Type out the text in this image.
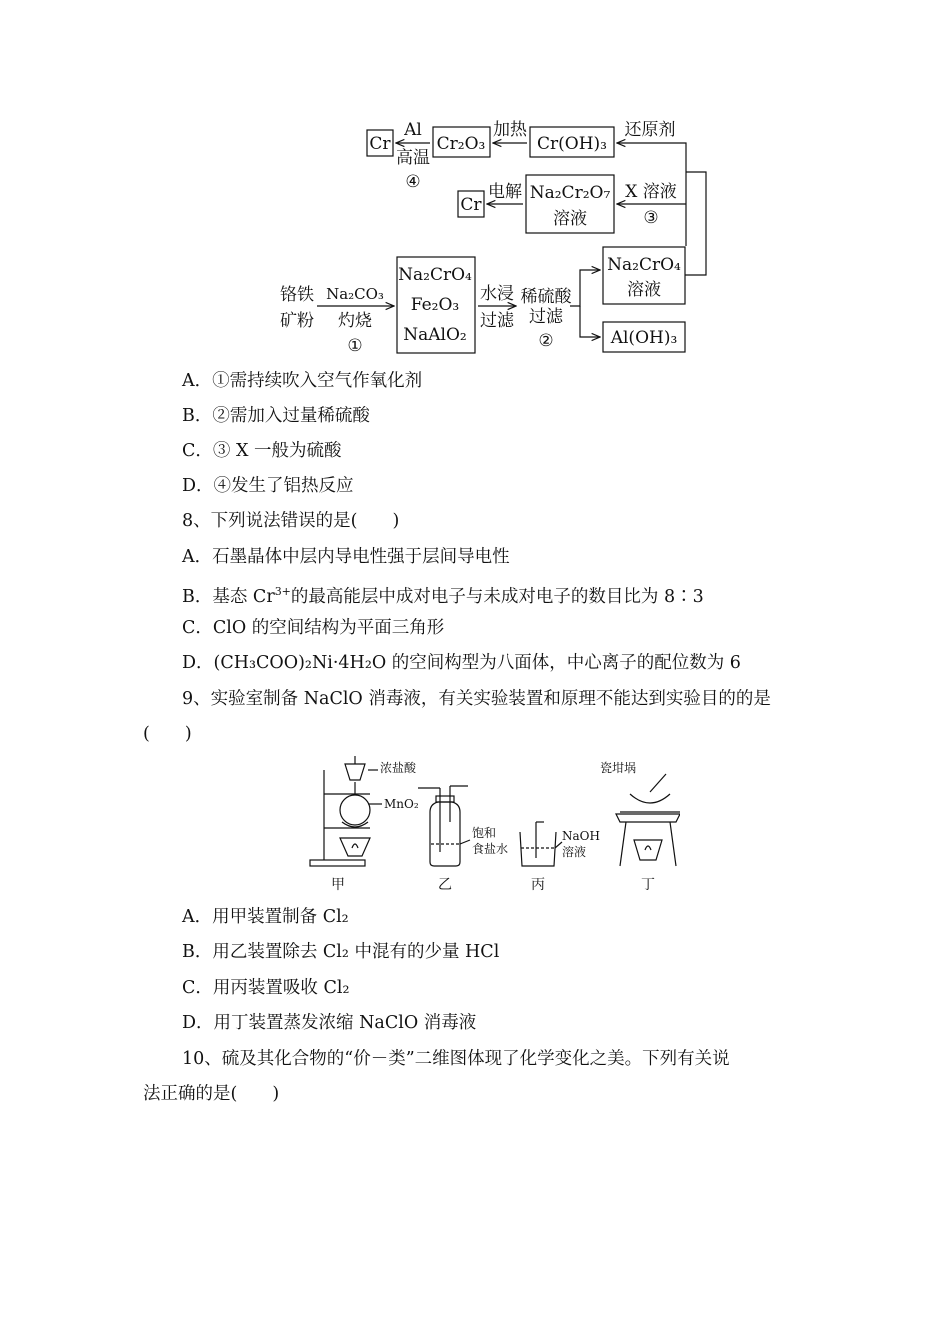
Cr
Al
高温
④
Cr₂O₃
加热
Cr(OH)₃
还原剂
Cr
电解 Na₂Cr₂O₇
溶液
X 溶液
③
铬铁
矿粉
Na₂CO₃
灼烧
①
Na₂CrO₄
Fe₂O₃
NaAlO₂
水浸
过滤
稀硫酸
过滤
②
Na₂CrO₄
溶液
Al(OH)₃
A．①需持续吹入空气作氧化剂
B．②需加入过量稀硫酸
C．③ X 一般为硫酸
D．④发生了铝热反应
8、下列说法错误的是(　　)
A．石墨晶体中层内导电性强于层间导电性
B．基态 $Cr^{3+}$的最高能层中成对电子与未成对电子的数目比为 8∶3
C．ClO 的空间结构为平面三角形
D．(CH₃COO)₂Ni·4H₂O 的空间构型为八面体，中心离子的配位数为 6
9、实验室制备 NaClO 消毒液，有关实验装置和原理不能达到实验目的的是
(　　)
浓盐酸
MnO₂
饱和
食盐水
NaOH
溶液
瓷坩埚
甲	乙	丙	丁
A．用甲装置制备 Cl₂
B．用乙装置除去 Cl₂ 中混有的少量 HCl
C．用丙装置吸收 Cl₂
D．用丁装置蒸发浓缩 NaClO 消毒液
10、硫及其化合物的“价－类”二维图体现了化学变化之美。下列有关说
法正确的是(　　)
